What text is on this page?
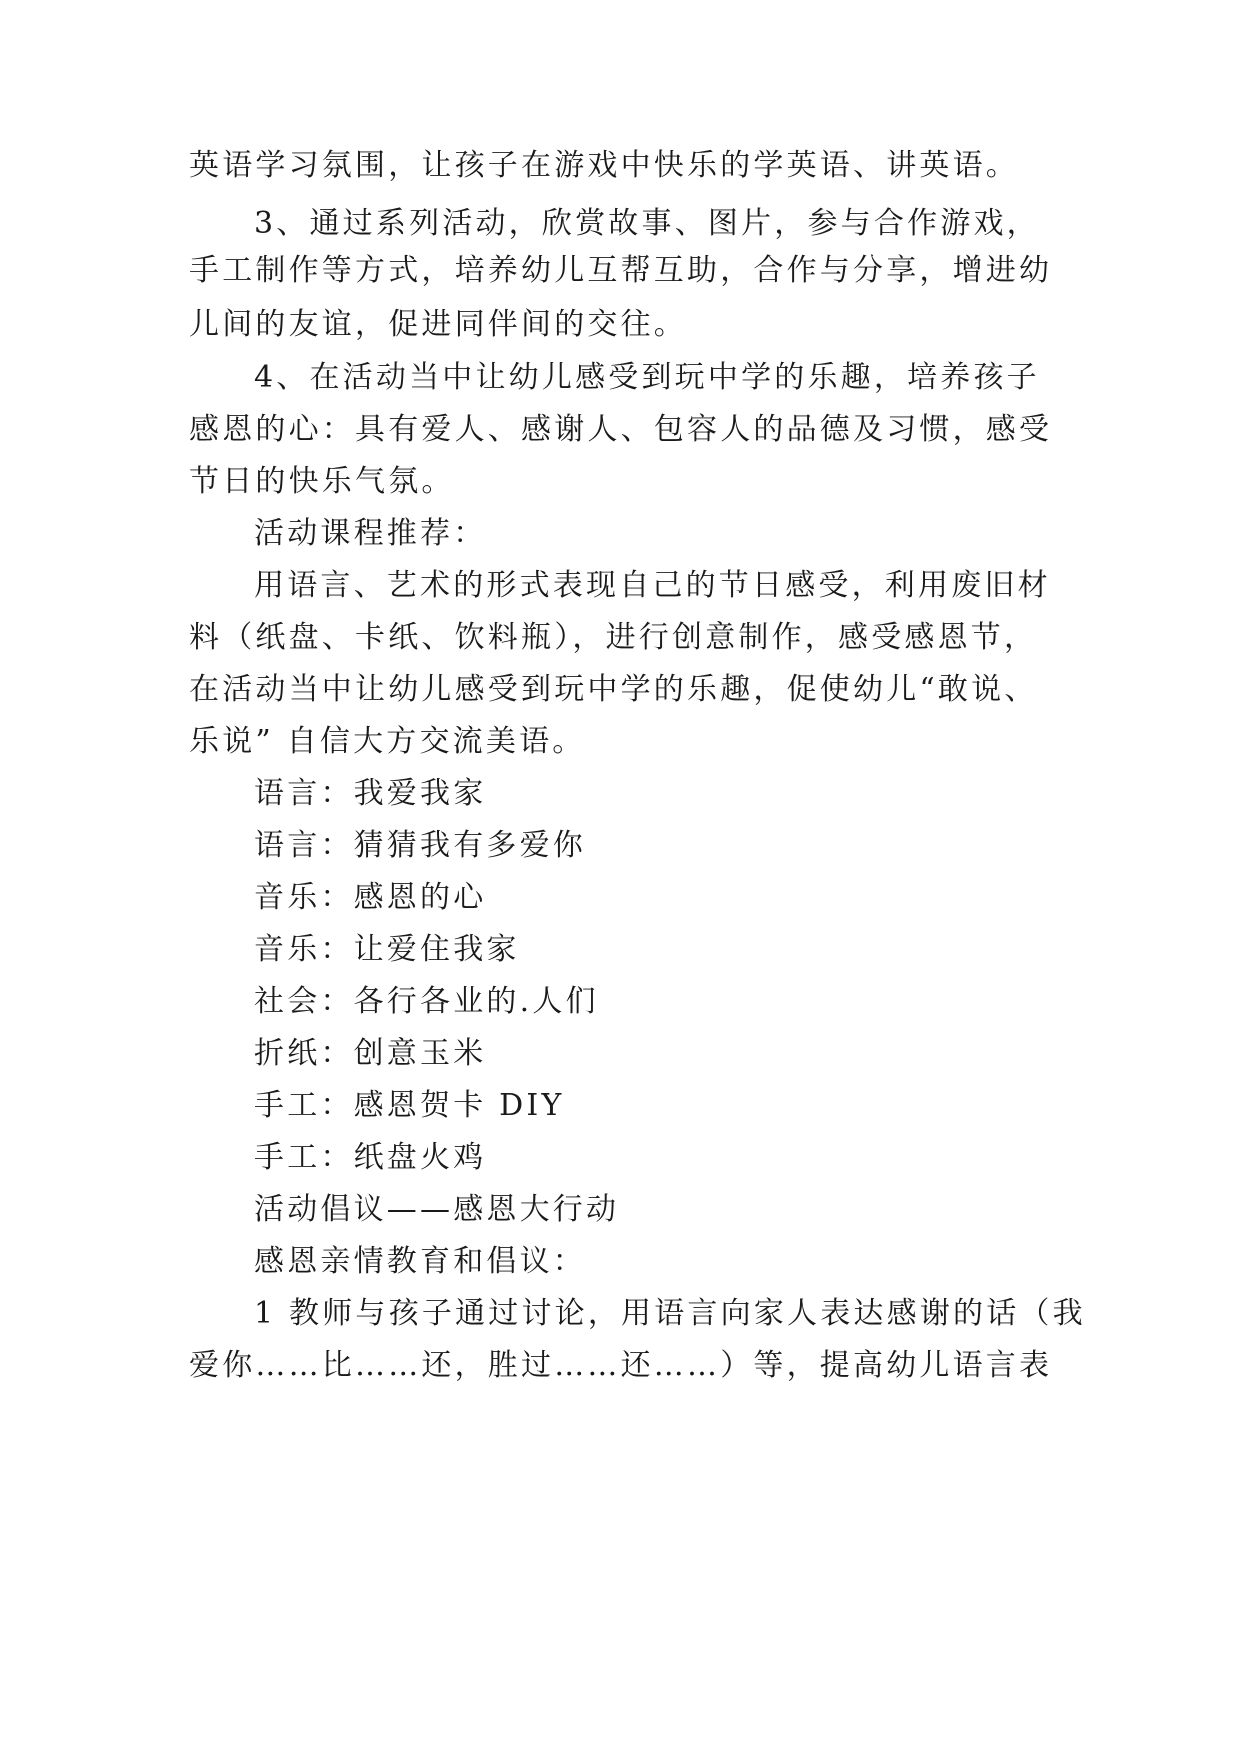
英语学习氛围，让孩子在游戏中快乐的学英语、讲英语。
3、通过系列活动，欣赏故事、图片，参与合作游戏，
手工制作等方式，培养幼儿互帮互助，合作与分享，增进幼
儿间的友谊，促进同伴间的交往。
4、在活动当中让幼儿感受到玩中学的乐趣，培养孩子
感恩的心：具有爱人、感谢人、包容人的品德及习惯，感受
节日的快乐气氛。
活动课程推荐：
用语言、艺术的形式表现自己的节日感受，利用废旧材
料（纸盘、卡纸、饮料瓶），进行创意制作，感受感恩节，
在活动当中让幼儿感受到玩中学的乐趣，促使幼儿“敢说、
乐说” 自信大方交流美语。
语言：我爱我家
语言：猜猜我有多爱你
音乐：感恩的心
音乐：让爱住我家
社会：各行各业的.人们
折纸：创意玉米
手工：感恩贺卡 DIY
手工：纸盘火鸡
活动倡议——感恩大行动
感恩亲情教育和倡议：
1 教师与孩子通过讨论，用语言向家人表达感谢的话（我
爱你……比……还，胜过……还……）等，提高幼儿语言表
